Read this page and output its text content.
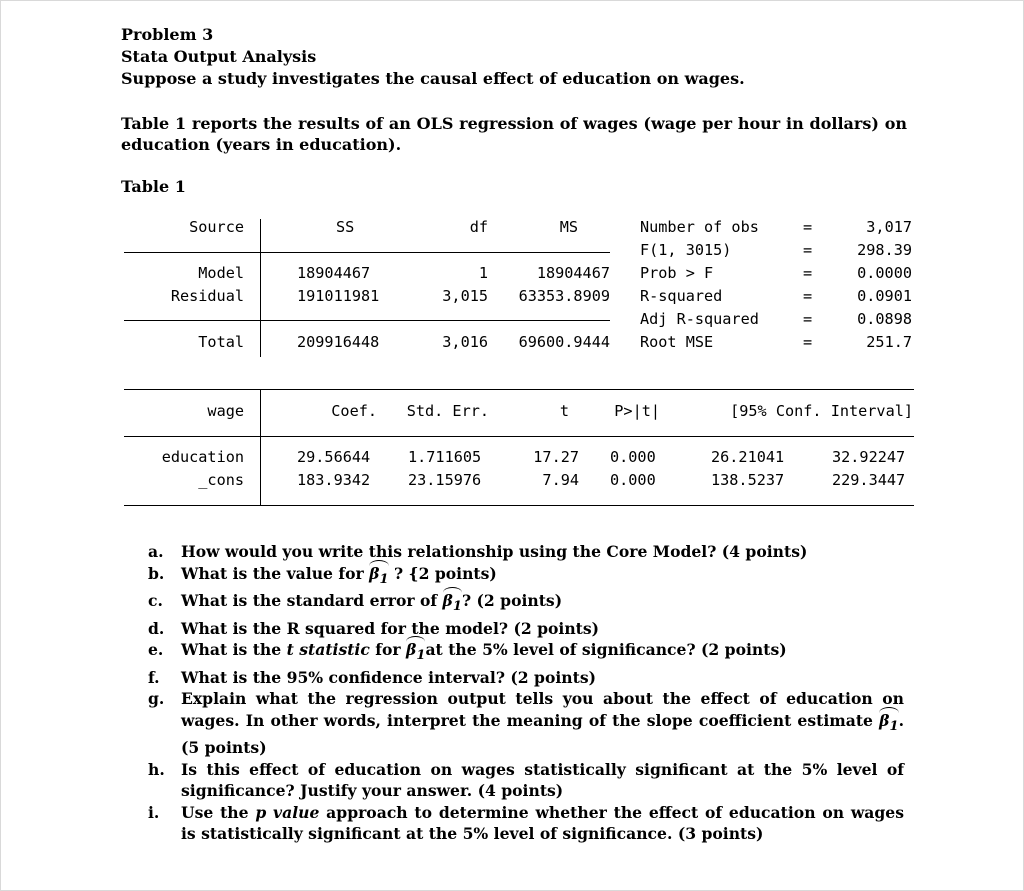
Problem 3
Stata Output Analysis
Suppose a study investigates the causal effect of education on wages.
Table 1 reports the results of an OLS regression of wages (wage per hour in dollars) on education (years in education).
Table 1
Source	SS	df	MS
Model	18904467	1	18904467
Residual	191011981	3,015 63353.8909
Total	209916448	3,016 69600.9444
Number of obs	=	3,017
F(1, 3015)	=	298.39
Prob > F	=	0.0000
R-squared	=	0.0901
Adj R-squared	=	0.0898
Root MSE	=	251.7
wage	Coef. Std. Err.	t	P>|t|	[95% Conf. Interval]
education	29.56644 1.711605	17.27 0.000	26.21041	32.92247
_cons	183.9342 23.15976	7.94 0.000	138.5237	229.3447
a.	How would you write this relationship using the Core Model? (4 points)
b.	What is the value for $\beta_1$ ? {2 points)
c.	What is the standard error of $\beta_1$? (2 points)
d.	What is the R squared for the model? (2 points)
e.	What is the t statistic for $\beta_1at$ the 5% level of significance? (2 points)
f.	What is the 95% confidence interval? (2 points)
g.	Explain what the regression output tells you about the effect of education on wages. In other words, interpret the meaning of the slope coefficient estimate $\beta_1$. (5 points)
h.	Is this effect of education on wages statistically significant at the 5% level of significance? Justify your answer. (4 points)
i.	Use the p value approach to determine whether the effect of education on wages is statistically significant at the 5% level of significance. (3 points)
